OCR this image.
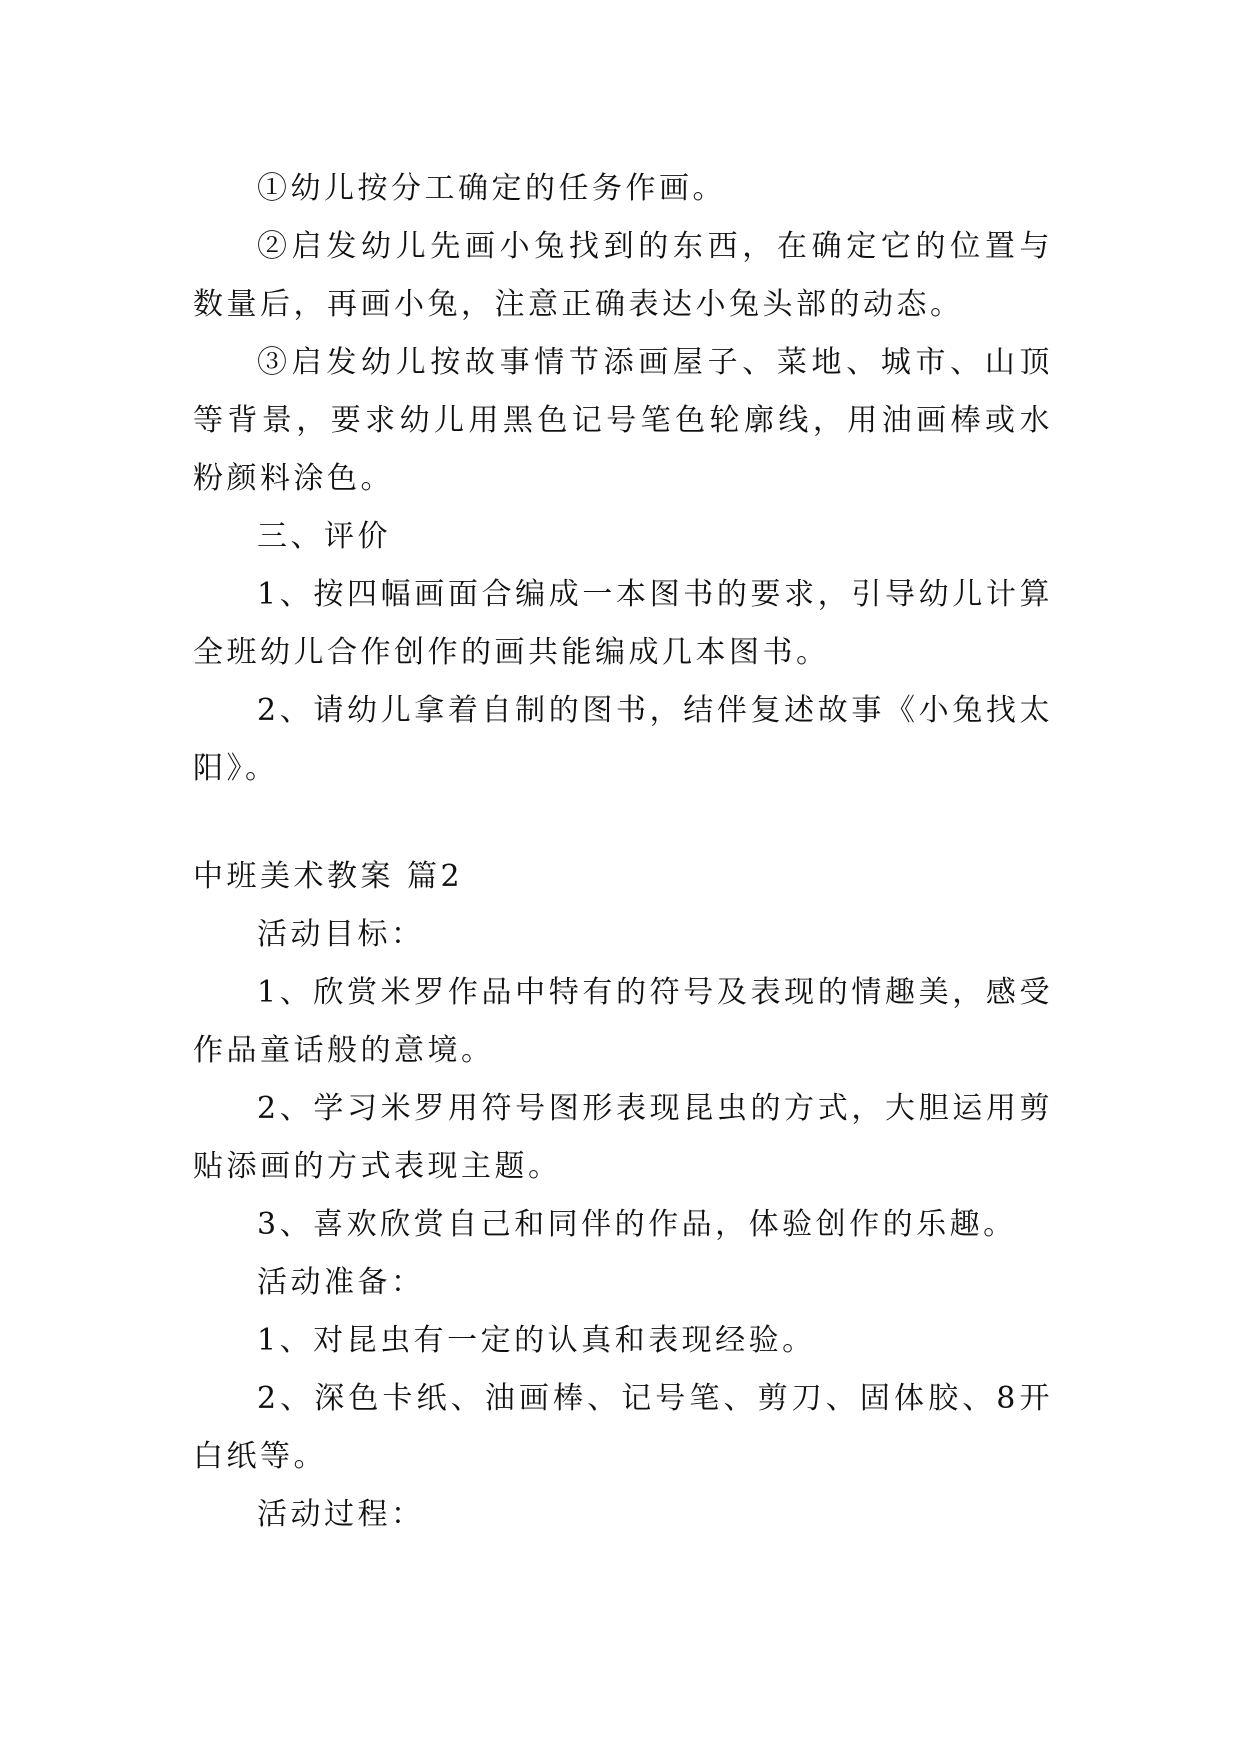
①幼儿按分工确定的任务作画。

②启发幼儿先画小兔找到的东西，在确定它的位置与数量后，再画小兔，注意正确表达小兔头部的动态。

③启发幼儿按故事情节添画屋子、菜地、城市、山顶等背景，要求幼儿用黑色记号笔色轮廓线，用油画棒或水粉颜料涂色。

三、评价

1、按四幅画面合编成一本图书的要求，引导幼儿计算全班幼儿合作创作的画共能编成几本图书。

2、请幼儿拿着自制的图书，结伴复述故事《小兔找太阳》。

中班美术教案 篇2

活动目标：

1、欣赏米罗作品中特有的符号及表现的情趣美，感受作品童话般的意境。

2、学习米罗用符号图形表现昆虫的方式，大胆运用剪贴添画的方式表现主题。

3、喜欢欣赏自己和同伴的作品，体验创作的乐趣。

活动准备：

1、对昆虫有一定的认真和表现经验。

2、深色卡纸、油画棒、记号笔、剪刀、固体胶、8开白纸等。

活动过程：
